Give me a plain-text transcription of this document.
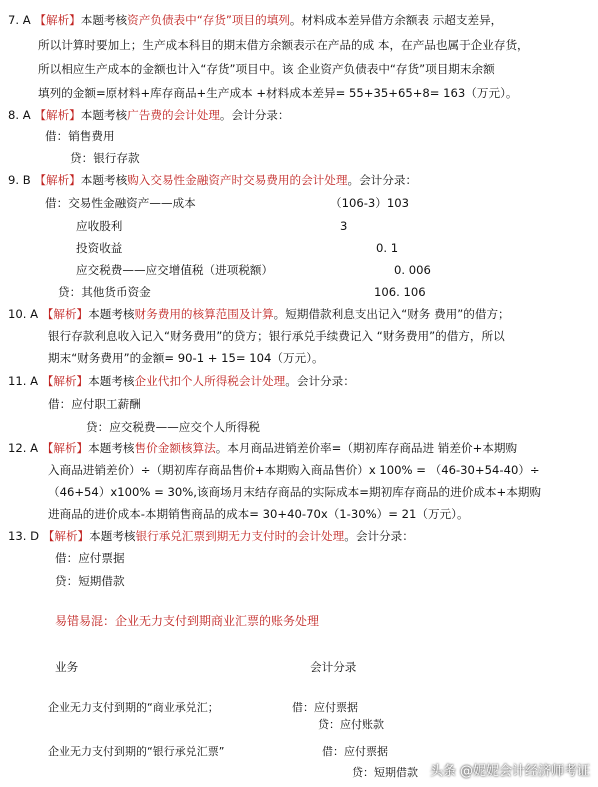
7. A 【解析】本题考核资产负债表中“存货”项目的填列。材料成本差异借方余额表 示超支差异，
所以计算时要加上；生产成本科目的期末借方余额表示在产品的成 本，在产品也属于企业存货，
所以相应生产成本的金额也计入“存货”项目中。该 企业资产负债表中“存货”项目期末余额
填列的金额=原材料+库存商品+生产成本 +材料成本差异= 55+35+65+8= 163（万元）。
8. A 【解析】本题考核广告费的会计处理。会计分录：
借：销售费用
贷：银行存款
9. B 【解析】本题考核购入交易性金融资产时交易费用的会计处理。会计分录：
借：交易性金融资产——成本	（106-3）103
应收股利	3
投资收益	0. 1
应交税费——应交增值税（进项税额）	0. 006
贷：其他货币资金	106. 106
10. A 【解析】本题考核财务费用的核算范围及计算。短期借款利息支出记入“财务 费用”的借方；
银行存款利息收入记入“财务费用”的贷方；银行承兑手续费记入 “财务费用”的借方，所以
期末“财务费用”的金额= 90-1 + 15= 104（万元）。
11. A 【解析】本题考核企业代扣个人所得税会计处理。会计分录：
借：应付职工薪酬
贷：应交税费——应交个人所得税
12. A 【解析】本题考核售价金额核算法。本月商品进销差价率=（期初库存商品进 销差价+本期购
入商品进销差价）÷（期初库存商品售价+本期购入商品售价）x 100% = （46-30+54-40）÷
（46+54）x100% = 30%,该商场月末结存商品的实际成本=期初库存商品的进价成本+本期购
进商品的进价成本-本期销售商品的成本= 30+40-70x（1-30%）= 21（万元）。
13. D 【解析】本题考核银行承兑汇票到期无力支付时的会计处理。会计分录：
借：应付票据
贷：短期借款
易错易混：企业无力支付到期商业汇票的账务处理
业务	会计分录
企业无力支付到期的“商业承兑汇；	借：应付票据
贷：应付账款
企业无力支付到期的“银行承兑汇票”	借：应付票据
贷：短期借款 头条 @妮妮会计经济师考证
